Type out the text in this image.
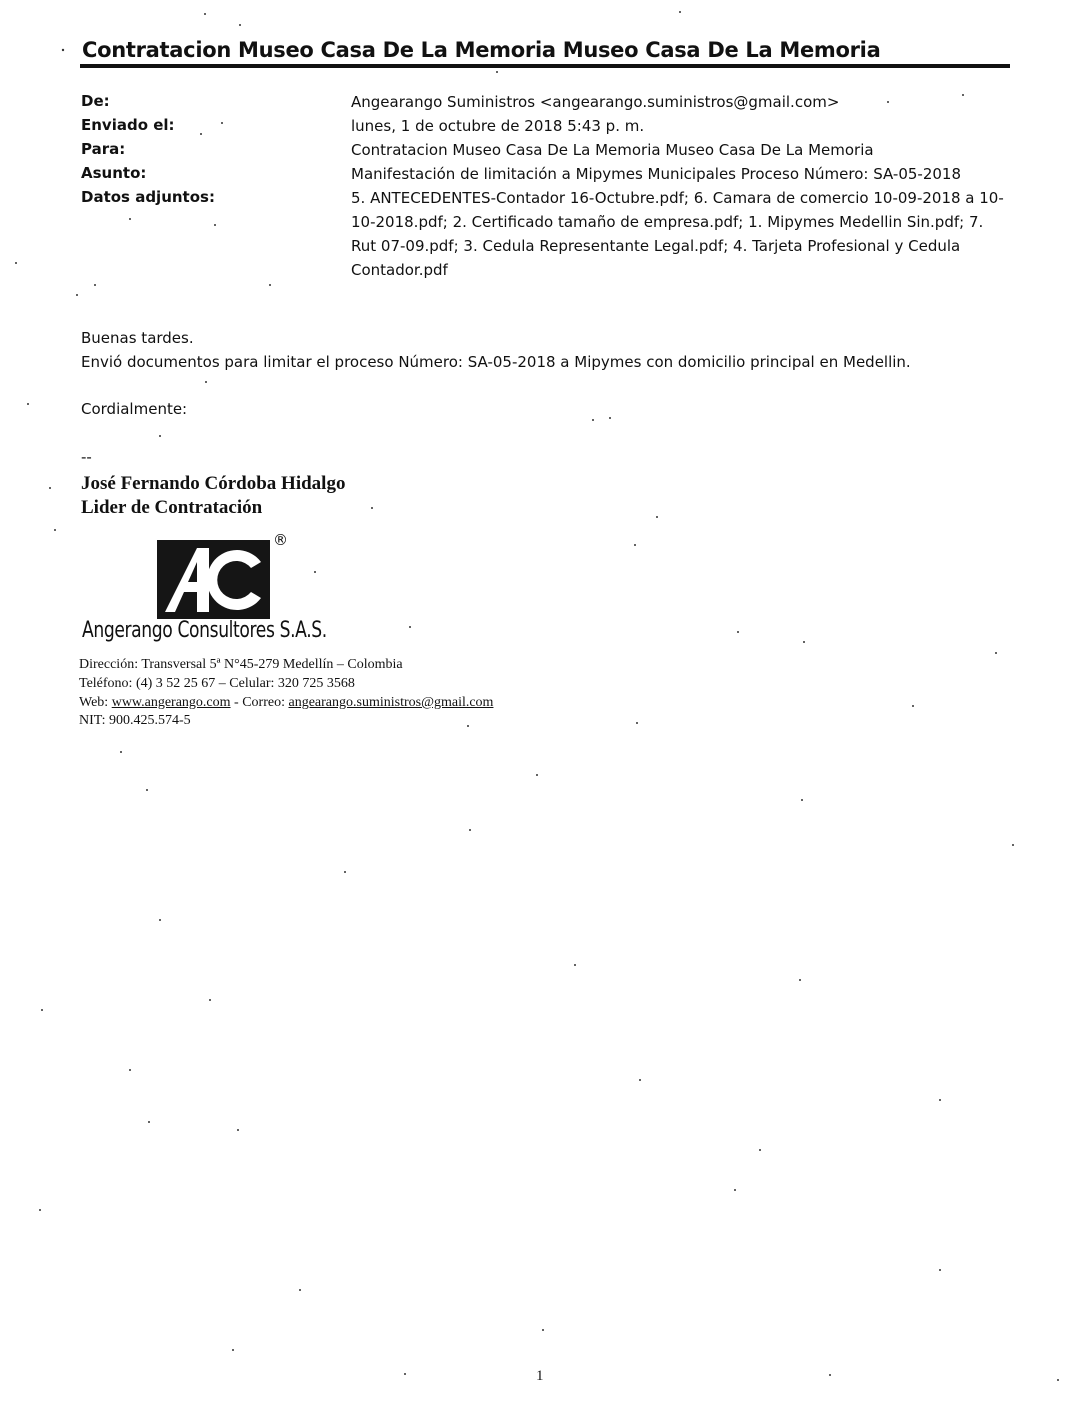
Contratacion Museo Casa De La Memoria Museo Casa De La Memoria
De:
Enviado el:
Para:
Asunto:
Datos adjuntos:
Angearango Suministros <angearango.suministros@gmail.com>
lunes, 1 de octubre de 2018 5:43 p. m.
Contratacion Museo Casa De La Memoria Museo Casa De La Memoria
Manifestación de limitación a Mipymes Municipales Proceso Número: SA-05-2018
5. ANTECEDENTES-Contador 16-Octubre.pdf; 6. Camara de comercio 10-09-2018 a 10-10-2018.pdf; 2. Certificado tamaño de empresa.pdf; 1. Mipymes Medellin Sin.pdf; 7. Rut 07-09.pdf; 3. Cedula Representante Legal.pdf; 4. Tarjeta Profesional y Cedula Contador.pdf
Buenas tardes.
Envió documentos para limitar el proceso Número: SA-05-2018 a Mipymes con domicilio principal en Medellin.
Cordialmente:
--
José Fernando Córdoba Hidalgo
Lider de Contratación
®
Angerango Consultores S.A.S.
Dirección: Transversal 5ª N°45-279 Medellín – Colombia
Teléfono: (4) 3 52 25 67 – Celular: 320 725 3568
Web: www.angerango.com - Correo: angearango.suministros@gmail.com
NIT: 900.425.574-5
1
